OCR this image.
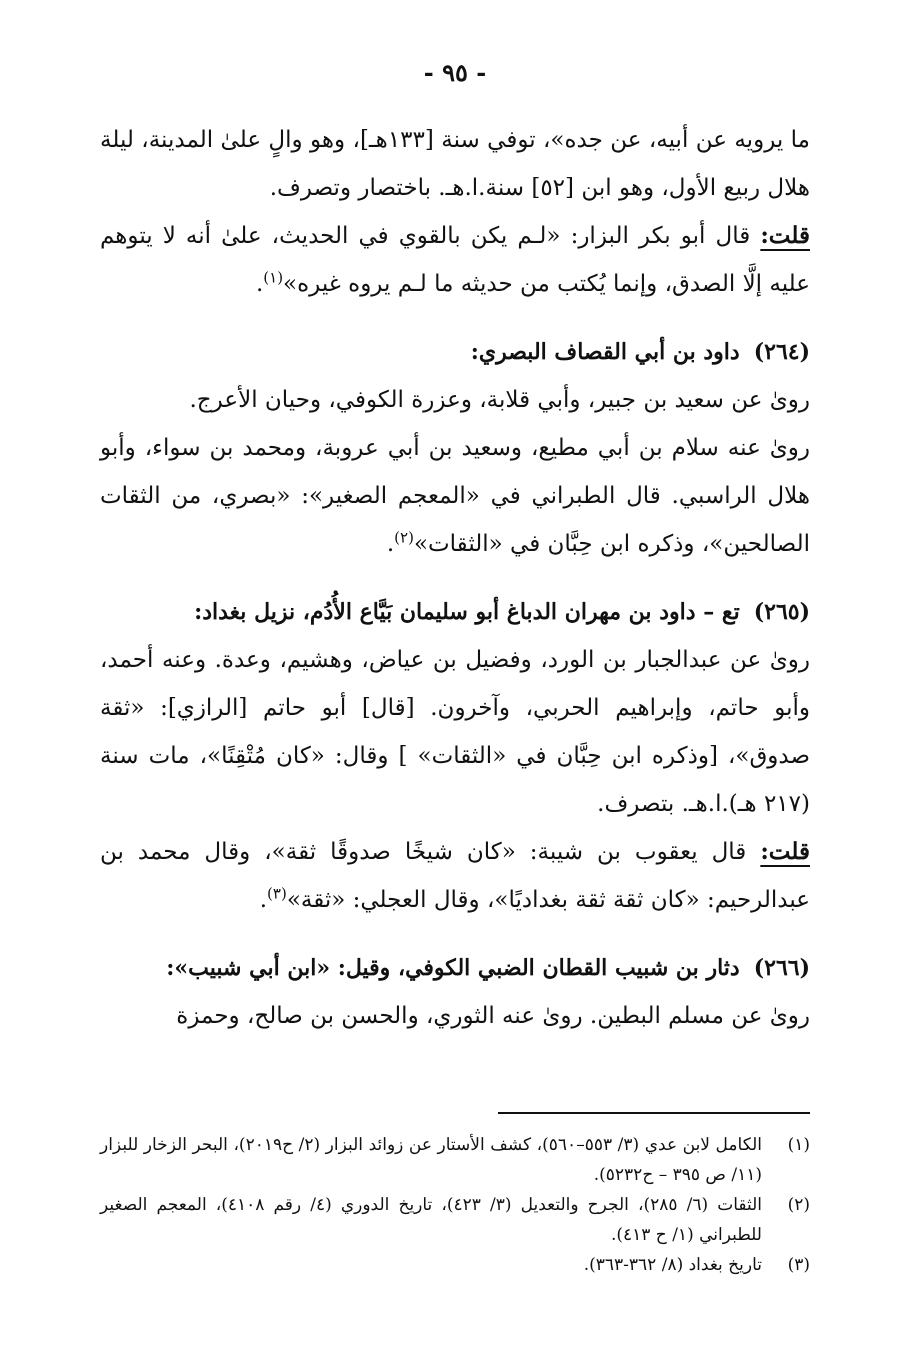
- ٩٥ -

ما يرويه عن أبيه، عن جده»، توفي سنة [١٣٣هـ]، وهو والٍ علىٰ المدينة، ليلة هلال ربيع الأول، وهو ابن [٥٢] سنة.ا.هـ. باختصار وتصرف.

قلت: قال أبو بكر البزار: «لـم يكن بالقوي في الحديث، علىٰ أنه لا يتوهم عليه إلَّا الصدق، وإنما يُكتب من حديثه ما لـم يروه غيره»$^{(١)}$.

(٢٦٤)
داود بن أبي القصاف البصري:

روىٰ عن سعيد بن جبير، وأبي قلابة، وعزرة الكوفي، وحيان الأعرج.

روىٰ عنه سلام بن أبي مطيع، وسعيد بن أبي عروبة، ومحمد بن سواء، وأبو هلال الراسبي. قال الطبراني في «المعجم الصغير»: «بصري، من الثقات الصالحين»، وذكره ابن حِبَّان في «الثقات»$^{(٢)}$.

(٢٦٥)
تع – داود بن مهران الدباغ أبو سليمان بَيَّاع الأُدُم، نزيل بغداد:

روىٰ عن عبدالجبار بن الورد، وفضيل بن عياض، وهشيم، وعدة. وعنه أحمد، وأبو حاتم، وإبراهيم الحربي، وآخرون. [قال] أبو حاتم [الرازي]: «ثقة صدوق»، [وذكره ابن حِبَّان في «الثقات» ] وقال: «كان مُتْقِنًا»، مات سنة (٢١٧ هـ).ا.هـ. بتصرف.

قلت: قال يعقوب بن شيبة: «كان شيخًا صدوقًا ثقة»، وقال محمد بن عبدالرحيم: «كان ثقة ثقة بغداديًا»، وقال العجلي: «ثقة»$^{(٣)}$.

(٢٦٦)
دثار بن شبيب القطان الضبي الكوفي، وقيل: «ابن أبي شبيب»:

روىٰ عن مسلم البطين. روىٰ عنه الثوري، والحسن بن صالح، وحمزة

(١)
الكامل لابن عدي (٣/ ٥٥٣–٥٦٠)، كشف الأستار عن زوائد البزار (٢/ ح٢٠١٩)، البحر الزخار للبزار (١١/ ص ٣٩٥ – ح٥٢٣٢).

(٢)
الثقات (٦/ ٢٨٥)، الجرح والتعديل (٣/ ٤٢٣)، تاريخ الدوري (٤/ رقم ٤١٠٨)، المعجم الصغير للطبراني (١/ ح ٤١٣).

(٣)
تاريخ بغداد (٨/ ٣٦٢-٣٦٣).
